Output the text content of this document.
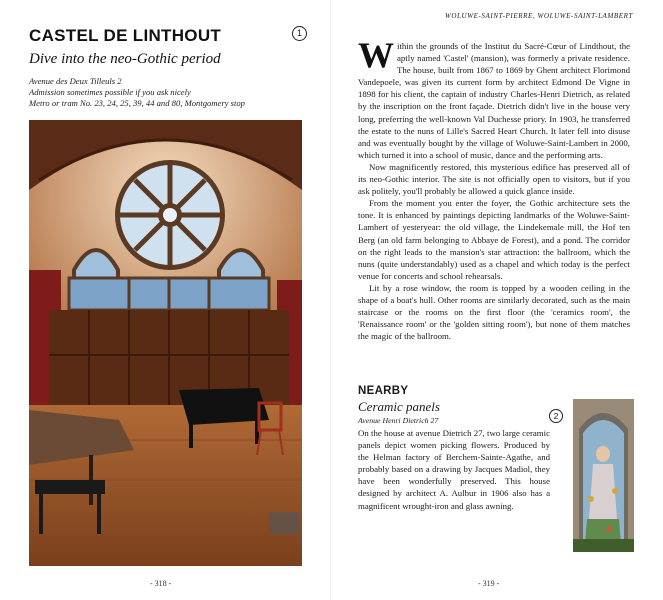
CASTEL DE LINTHOUT	1
Dive into the neo-Gothic period
Avenue des Deux Tilleuls 2
Admission sometimes possible if you ask nicely
Metro or tram No. 23, 24, 25, 39, 44 and 80, Montgomery stop
- 318 -
WOLUWE-SAINT-PIERRE, WOLUWE-SAINT-LAMBERT

Within the grounds of the Institut du Sacré-Cœur of Lindthout, the aptly named 'Castel' (mansion), was formerly a private residence. The house, built from 1867 to 1869 by Ghent architect Florimond Vandepoele, was given its current form by architect Edmond De Vigne in 1898 for his client, the captain of industry Charles-Henri Dietrich, as related by the inscription on the front façade. Dietrich didn't live in the house very long, preferring the well-known Val Duchesse priory. In 1903, he transferred the estate to the nuns of Lille's Sacred Heart Church. It later fell into disuse and was eventually bought by the village of Woluwe-Saint-Lambert in 2000, which turned it into a school of music, dance and the performing arts.

Now magnificently restored, this mysterious edifice has preserved all of its neo-Gothic interior. The site is not officially open to visitors, but if you ask politely, you'll probably be allowed a quick glance inside.

From the moment you enter the foyer, the Gothic architecture sets the tone. It is enhanced by paintings depicting landmarks of the Woluwe-Saint-Lambert of yesteryear: the old village, the Lindekemale mill, the Hof ten Berg (an old farm belonging to Abbaye de Forest), and a pond. The corridor on the right leads to the mansion's star attraction: the ballroom, which the nuns (quite understandably) used as a chapel and which today is the perfect venue for concerts and school rehearsals.

Lit by a rose window, the room is topped by a wooden ceiling in the shape of a boat's hull. Other rooms are similarly decorated, such as the main staircase or the rooms on the first floor (the 'ceramics room', the 'Renaissance room' or the 'golden sitting room'), but none of them matches the magic of the ballroom.

NEARBY
Ceramic panels
2
Avenue Henri Dietrich 27
On the house at avenue Dietrich 27, two large ceramic panels depict women picking flowers. Produced by the Helman factory of Berchem-Sainte-Agathe, and probably based on a drawing by Jacques Madiol, they have been wonderfully preserved. This house designed by architect A. Aulbur in 1906 also has a magnificent wrought-iron and glass awning.
- 319 -
